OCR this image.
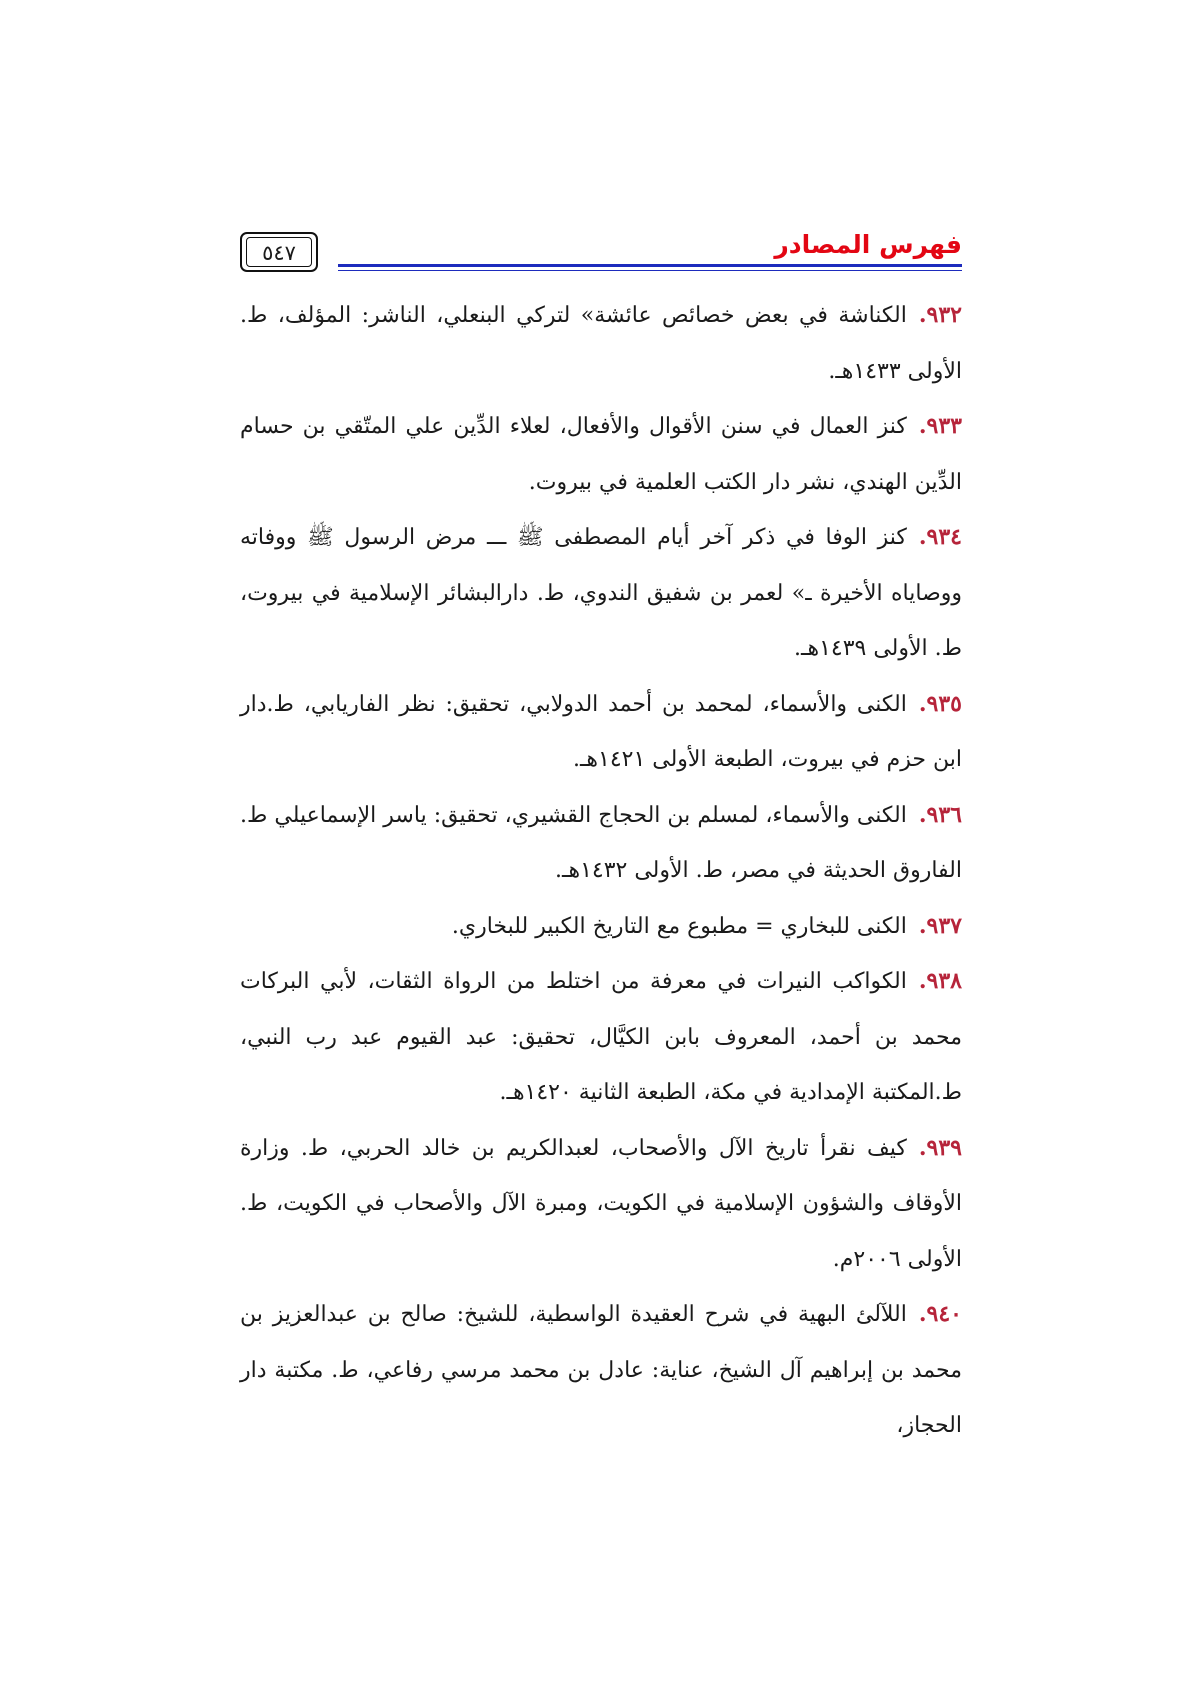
فهرس المصادر
٥٤٧

٩٣٢.الكناشة في بعض خصائص عائشة» لتركي البنعلي، الناشر: المؤلف، ط. الأولى ١٤٣٣هـ.

٩٣٣.كنز العمال في سنن الأقوال والأفعال، لعلاء الدِّين علي المتّقي بن حسام الدِّين الهندي، نشر دار الكتب العلمية في بيروت.

٩٣٤.كنز الوفا في ذكر آخر أيام المصطفى ﷺ ـــ مرض الرسول ﷺ ووفاته ووصاياه الأخيرة ـ» لعمر بن شفيق الندوي، ط. دارالبشائر الإسلامية في بيروت، ط. الأولى ١٤٣٩هـ.

٩٣٥.الكنى والأسماء، لمحمد بن أحمد الدولابي، تحقيق: نظر الفاريابي، ط.دار ابن حزم في بيروت، الطبعة الأولى ١٤٢١هـ.

٩٣٦.الكنى والأسماء، لمسلم بن الحجاج القشيري، تحقيق: ياسر الإسماعيلي ط. الفاروق الحديثة في مصر، ط. الأولى ١٤٣٢هـ.

٩٣٧.الكنى للبخاري = مطبوع مع التاريخ الكبير للبخاري.

٩٣٨.الكواكب النيرات في معرفة من اختلط من الرواة الثقات، لأبي البركات محمد بن أحمد، المعروف بابن الكيَّال، تحقيق: عبد القيوم عبد رب النبي، ط.المكتبة الإمدادية في مكة، الطبعة الثانية ١٤٢٠هـ.

٩٣٩.كيف نقرأ تاريخ الآل والأصحاب، لعبدالكريم بن خالد الحربي، ط. وزارة الأوقاف والشؤون الإسلامية في الكويت، ومبرة الآل والأصحاب في الكويت، ط. الأولى ٢٠٠٦م.

٩٤٠.اللآلئ البهية في شرح العقيدة الواسطية، للشيخ: صالح بن عبدالعزيز بن محمد بن إبراهيم آل الشيخ، عناية: عادل بن محمد مرسي رفاعي، ط. مكتبة دار الحجاز،
